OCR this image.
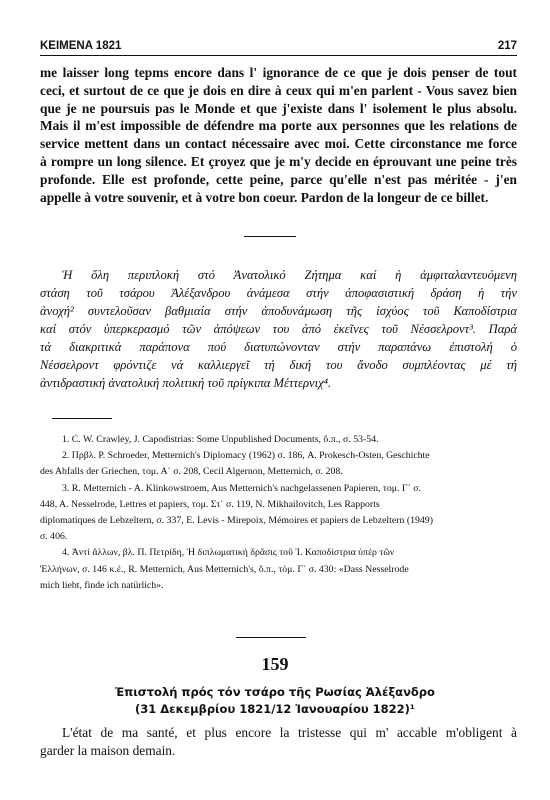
KEIMENA 1821	217
me laisser long tepms encore dans l' ignorance de ce que je dois penser de tout
ceci, et surtout de ce que je dois en dire à ceux qui m'en parlent - Vous savez bien
que je ne poursuis pas le Monde et que j'existe dans l' isolement le plus absolu.
Mais il m'est impossible de défendre ma porte aux personnes que les relations de
service mettent dans un contact nécessaire avec moi. Cette circonstance me force
à rompre un long silence. Et çroyez que je m'y decide en éprouvant une peine très
profonde. Elle est profonde, cette peine, parce qu'elle n'est pas méritée - j'en
appelle à votre souvenir, et à votre bon coeur. Pardon de la longeur de ce billet.
Ἡ ὅλη περιπλοκή στό Ἀνατολικό Ζήτημα καί ἡ ἀμφιταλαντευόμενη
στάση τοῦ τσάρου Ἀλέξανδρου ἀνάμεσα στήν ἀποφασιστική δράση ἡ τήν
ἀνοχή² συντελοῦσαν βαθμιαία στήν ἀποδυνάμωση τῆς ἰσχύος τοῦ Καποδίστρια
καί στόν ὑπερκερασμό τῶν ἀπόψεων του ἀπό ἐκεῖνες τοῦ Νέσσελροντ³. Παρά
τά διακριτικά παράπονα πού διατυπώνονταν στήν παραπάνω ἐπιστολή ὁ
Νέσσελροντ φρόντιζε νά καλλιεργεῖ τή δική του ἄνοδο συμπλέοντας μέ τή
ἀντιδραστική ἀνατολική πολιτική τοῦ πρίγκιπα Μέττερνιχ⁴.
1. C. W. Crawley, J. Capodistrias: Some Unpublished Documents, ὅ.π., σ. 53-54.
2. Πρβλ. P. Schroeder, Metternich's Diplomacy (1962) σ. 186, A. Prokesch-Osten, Geschichte
des Abfalls der Griechen, τομ. Α΄ σ. 208, Cecil Algernon, Metternich, σ. 208.
3. R. Metternich - A. Klinkowstroem, Aus Metternich's nachgelassenen Papieren, τομ. Γ΄ σ.
448, A. Nesselrode, Lettres et papiers, τομ. Στ΄ σ. 119, N. Mikhailovitch, Les Rapports
diplomatiques de Lebzeltern, σ. 337, E. Levis - Mirepoix, Mémoires et papiers de Lebzeltern (1949)
σ. 406.
4. Ἀντί ἄλλων, βλ. Π. Πετρίδη, Ἡ διπλωματική δρᾶσις τοῦ Ἰ. Καποδίστρια ὑπέρ τῶν
Ἑλλήνων, σ. 146 κ.έ., R. Metternich, Aus Metternich's, ὅ.π., τόμ. Γ΄ σ. 430: «Dass Nesselrode
mich liebt, finde ich natürlich».
159
Ἐπιστολή πρός τόν τσάρο τῆς Ρωσίας Ἀλέξανδρο
(31 Δεκεμβρίου 1821/12 Ἰανουαρίου 1822)¹
L'état de ma santé, et plus encore la tristesse qui m' accable m'obligent à
garder la maison demain.
